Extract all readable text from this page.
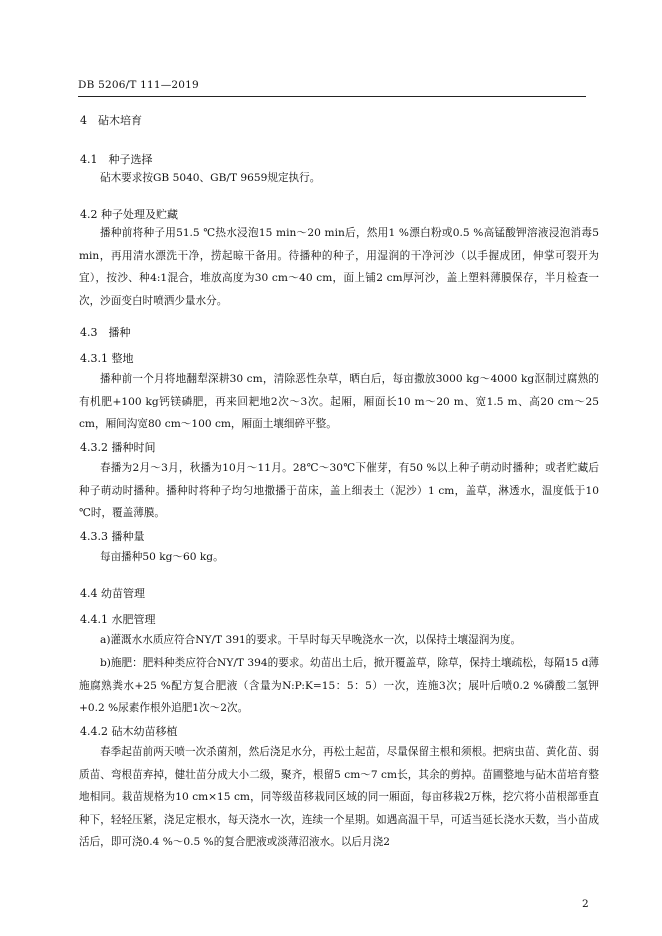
DB 5206/T 111—2019
4　砧木培育
4.1　种子选择

砧木要求按GB 5040、GB/T 9659规定执行。

4.2 种子处理及贮藏

播种前将种子用51.5 ℃热水浸泡15 min～20 min后，然用1 %漂白粉或0.5 %高锰酸钾溶液浸泡消毒5 min，再用清水漂洗干净，捞起晾干备用。待播种的种子，用湿润的干净河沙（以手握成团，伸掌可裂开为宜），按沙、种4:1混合，堆放高度为30 cm～40 cm，面上铺2 cm厚河沙，盖上塑料薄膜保存，半月检查一次，沙面变白时喷洒少量水分。

4.3　播种
4.3.1 整地

播种前一个月将地翻犁深耕30 cm，清除恶性杂草，晒白后，每亩撒放3000 kg～4000 kg沤制过腐熟的有机肥+100 kg钙镁磷肥，再来回耙地2次～3次。起厢，厢面长10 m～20 m、宽1.5 m、高20 cm～25 cm，厢间沟宽80 cm～100 cm，厢面土壤细碎平整。

4.3.2 播种时间

春播为2月～3月，秋播为10月～11月。28℃～30℃下催芽，有50 %以上种子萌动时播种；或者贮藏后种子萌动时播种。播种时将种子均匀地撒播于苗床，盖上细表土（泥沙）1 cm，盖草，淋透水，温度低于10 ℃时，覆盖薄膜。

4.3.3 播种量

每亩播种50 kg～60 kg。

4.4 幼苗管理
4.4.1 水肥管理

a)灌溉水水质应符合NY/T 391的要求。干旱时每天早晚浇水一次，以保持土壤湿润为度。

b)施肥：肥料种类应符合NY/T 394的要求。幼苗出土后，掀开覆盖草，除草，保持土壤疏松，每隔15 d薄施腐熟粪水+25 %配方复合肥液（含量为N:P:K=15：5：5）一次，连施3次；展叶后喷0.2 %磷酸二氢钾+0.2 %尿素作根外追肥1次～2次。

4.4.2 砧木幼苗移植

春季起苗前两天喷一次杀菌剂，然后浇足水分，再松土起苗，尽量保留主根和须根。把病虫苗、黄化苗、弱质苗、弯根苗弃掉，健壮苗分成大小二级，聚齐，根留5 cm～7 cm长，其余的剪掉。苗圃整地与砧木苗培育整地相同。栽苗规格为10 cm×15 cm，同等级苗移栽同区域的同一厢面，每亩移栽2万株，挖穴将小苗根部垂直种下，轻轻压紧，浇足定根水，每天浇水一次，连续一个星期。如遇高温干旱，可适当延长浇水天数，当小苗成活后，即可浇0.4 %～0.5 %的复合肥液或淡薄沼液水。以后月浇2

2
